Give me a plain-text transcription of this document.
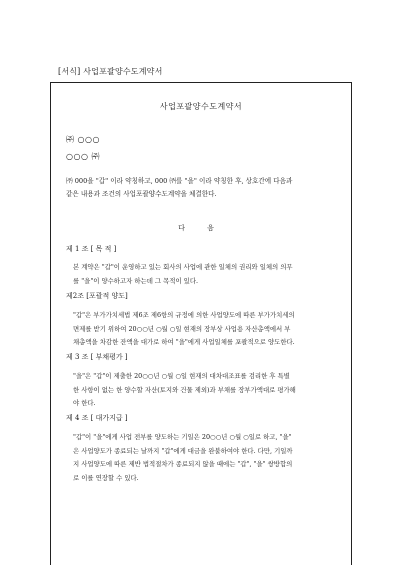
[서식] 사업포괄양수도계약서
사업포괄양수도계약서
㈜ ○○○
○○○ ㈜

㈜ 000을 "갑" 이라 약칭하고, 000 ㈜를 "을" 이라 약칭한 후, 상호간에 다음과

같은 내용과 조건의 사업포괄양수도계약을 체결한다.

다 음
제 1 조 [ 목 적 ]

본 계약은 "갑"이 운영하고 있는 회사의 사업에 관한 일체의 권리와 일체의 의무

를 "을"이 양수하고자 하는데 그 목적이 있다.

제2조 [포괄적 양도]

"갑"은 부가가치세법 제6조 제6항의 규정에 의한 사업양도에 따른 부가가치세의

면제를 받기 위하여 20○○년 ○월 ○일 현재의 장부상 사업용 자산총액에서 부

채총액을 차감한 잔액을 대가로 하여 "을"에게 사업일체를 포괄적으로 양도한다.

제 3 조 [ 부채평가 ]

"을"은 "갑"이 제출한 20○○년 ○월 ○일 현재의 대차대조표를 검리한 후 특별

한 사항이 없는 한 양수할 자산(토지와 건물 제외)과 부채를 장부가액대로 평가해

야 한다.

제 4 조 [ 대가지급 ]

"갑"이 "을"에게 사업 전부를 양도하는 기일은 20○○년 ○월 ○일로 하고, "을"

은 사업양도가 종료되는 날까지 "갑"에게 대금을 완불하여야 한다. 다만, 기일까

지 사업양도에 따른 제반 법적절차가 종료되지 않을 때에는 "갑", "을" 쌍방합의

로 이를 연장할 수 있다.
